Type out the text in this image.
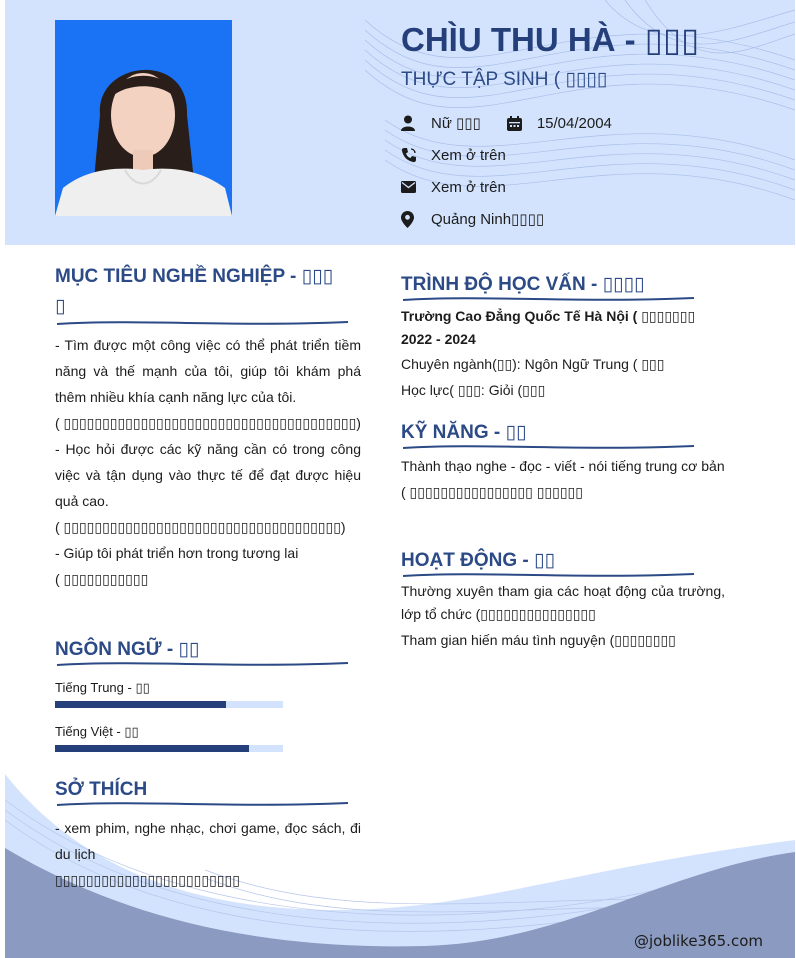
CHÌU THU HÀ - ▯▯▯
THỰC TẬP SINH ( ▯▯▯▯
Nữ ▯▯▯	15/04/2004
Xem ở trên
Xem ở trên
Quảng Ninh▯▯▯▯
MỤC TIÊU NGHỀ NGHIỆP - ▯▯▯
▯
- Tìm được một công việc có thể phát triển tiềm năng và thế mạnh của tôi, giúp tôi khám phá thêm nhiều khía cạnh năng lực của tôi.
( ▯▯▯▯▯▯▯▯▯▯▯▯▯▯▯▯▯▯▯▯▯▯▯▯▯▯▯▯▯▯▯▯▯▯▯▯▯▯)
- Học hỏi được các kỹ năng cần có trong công việc và tận dụng vào thực tế để đạt được hiệu quả cao.
( ▯▯▯▯▯▯▯▯▯▯▯▯▯▯▯▯▯▯▯▯▯▯▯▯▯▯▯▯▯▯▯▯▯▯▯▯)
- Giúp tôi phát triển hơn trong tương lai
( ▯▯▯▯▯▯▯▯▯▯▯
NGÔN NGỮ - ▯▯
Tiếng Trung - ▯▯
Tiếng Việt - ▯▯
SỞ THÍCH
TRÌNH ĐỘ HỌC VẤN - ▯▯▯▯
Trường Cao Đẳng Quốc Tế Hà Nội ( ▯▯▯▯▯▯▯
2022 - 2024
Chuyên ngành(▯▯): Ngôn Ngữ Trung ( ▯▯▯
Học lực( ▯▯▯: Giỏi (▯▯▯
KỸ NĂNG - ▯▯
Thành thạo nghe - đọc - viết - nói tiếng trung cơ bản
( ▯▯▯▯▯▯▯▯▯▯▯▯▯▯▯▯ ▯▯▯▯▯▯
HOẠT ĐỘNG - ▯▯
Thường xuyên tham gia các hoạt động của trường, lớp tổ chức (▯▯▯▯▯▯▯▯▯▯▯▯▯▯▯
Tham gian hiến máu tình nguyện (▯▯▯▯▯▯▯▯
- xem phim, nghe nhạc, chơi game, đọc sách, đi du lịch
▯▯▯▯▯▯▯▯▯▯▯▯▯▯▯▯▯▯▯▯▯▯▯▯
@joblike365.com
